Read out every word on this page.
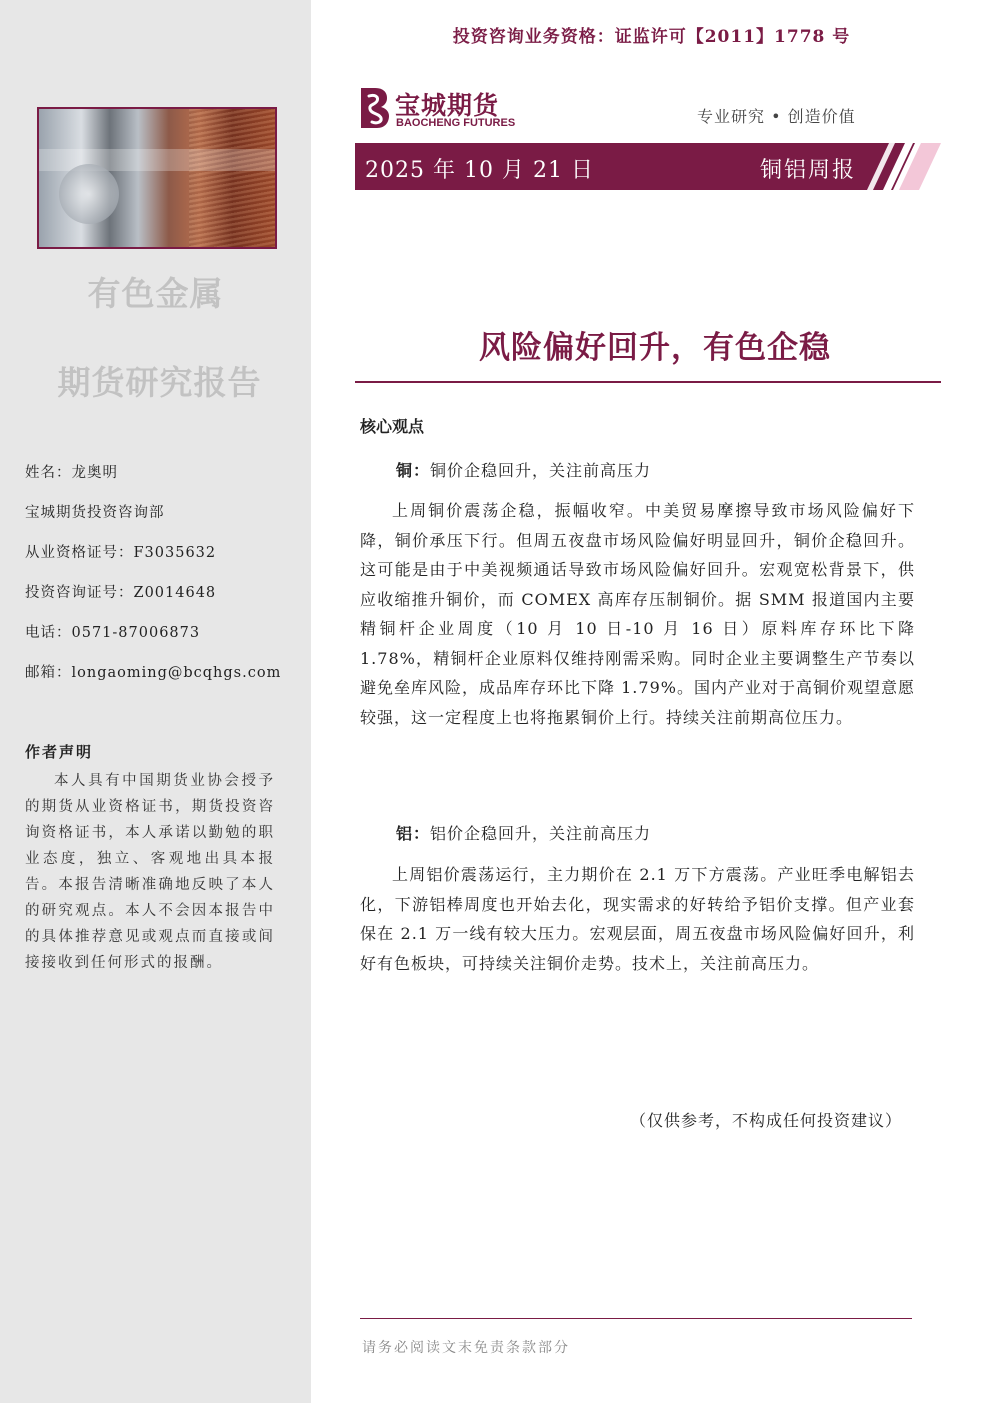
有色金属
期货研究报告
姓名：龙奥明
宝城期货投资咨询部
从业资格证号：F3035632
投资咨询证号：Z0014648
电话：0571-87006873
邮箱：longaoming@bcqhgs.com
作者声明
本人具有中国期货业协会授予的期货从业资格证书，期货投资咨询资格证书，本人承诺以勤勉的职业态度，独立、客观地出具本报告。本报告清晰准确地反映了本人的研究观点。本人不会因本报告中的具体推荐意见或观点而直接或间接接收到任何形式的报酬。
投资咨询业务资格：证监许可【2011】1778 号
宝城期货
BAOCHENG FUTURES	专业研究 • 创造价值
2025 年 10 月 21 日	铜铝周报
风险偏好回升，有色企稳
核心观点
铜：铜价企稳回升，关注前高压力
上周铜价震荡企稳，振幅收窄。中美贸易摩擦导致市场风险偏好下降，铜价承压下行。但周五夜盘市场风险偏好明显回升，铜价企稳回升。这可能是由于中美视频通话导致市场风险偏好回升。宏观宽松背景下，供应收缩推升铜价，而 COMEX 高库存压制铜价。据 SMM 报道国内主要精铜杆企业周度（10 月 10 日-10 月 16 日）原料库存环比下降 1.78%，精铜杆企业原料仅维持刚需采购。同时企业主要调整生产节奏以避免垒库风险，成品库存环比下降 1.79%。国内产业对于高铜价观望意愿较强，这一定程度上也将拖累铜价上行。持续关注前期高位压力。
铝：铝价企稳回升，关注前高压力
上周铝价震荡运行，主力期价在 2.1 万下方震荡。产业旺季电解铝去化，下游铝棒周度也开始去化，现实需求的好转给予铝价支撑。但产业套保在 2.1 万一线有较大压力。宏观层面，周五夜盘市场风险偏好回升，利好有色板块，可持续关注铜价走势。技术上，关注前高压力。
（仅供参考，不构成任何投资建议）
请务必阅读文末免责条款部分
